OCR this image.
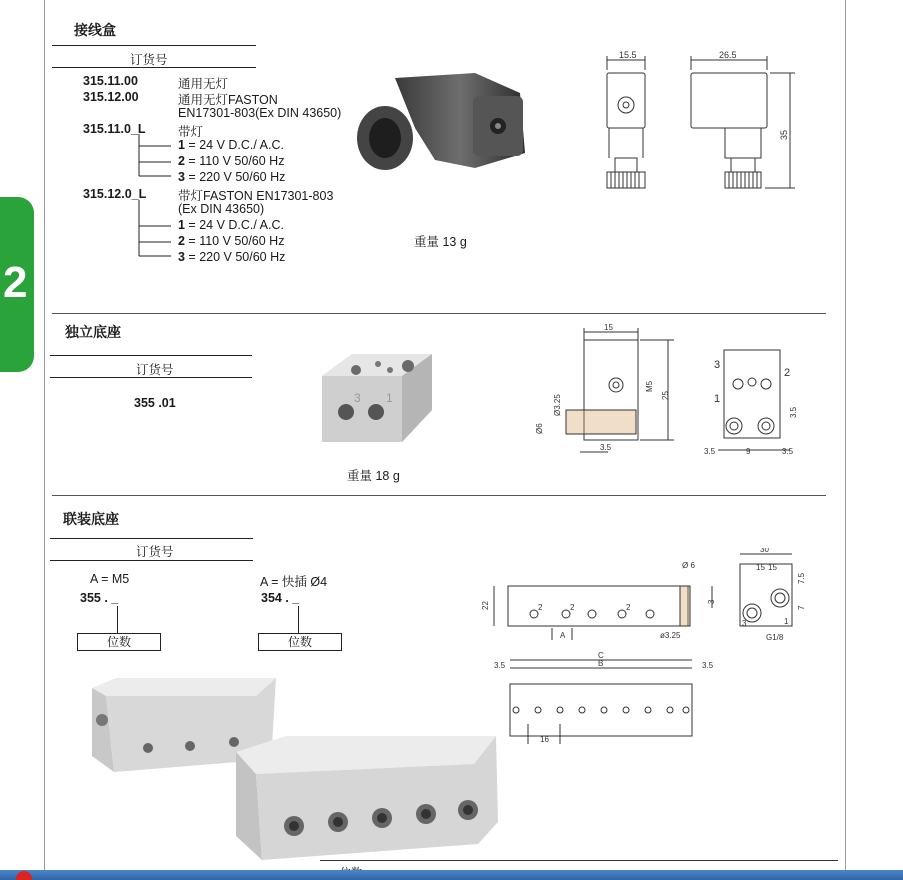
2
接线盒
订货号
315.11.00	通用无灯
315.12.00	通用无灯FASTON
EN17301-803(Ex DIN 43650)
315.11.0_L	带灯
1 = 24 V D.C./ A.C.
2 = 110 V 50/60 Hz
3 = 220 V 50/60 Hz
315.12.0_L	带灯FASTON EN17301-803
(Ex DIN 43650)
1 = 24 V D.C./ A.C.
2 = 110 V 50/60 Hz
3 = 220 V 50/60 Hz
重量 13 g
15.5	26.5
35
独立底座
订货号
355 .01	3 1
重量 18 g
15
M5
25
Ø3.25
Ø6
3.5
3
1
2
3.5	9	3.5
3.5
联装底座
订货号
A = M5
355 . _
位数
A = 快插 Ø4
354 . _
位数
22
Ø 6
A	ø3.25
3
30
15 15
7.5
7
G1/8
3	1
C
B
3.5	3.5
16
2	2	2
